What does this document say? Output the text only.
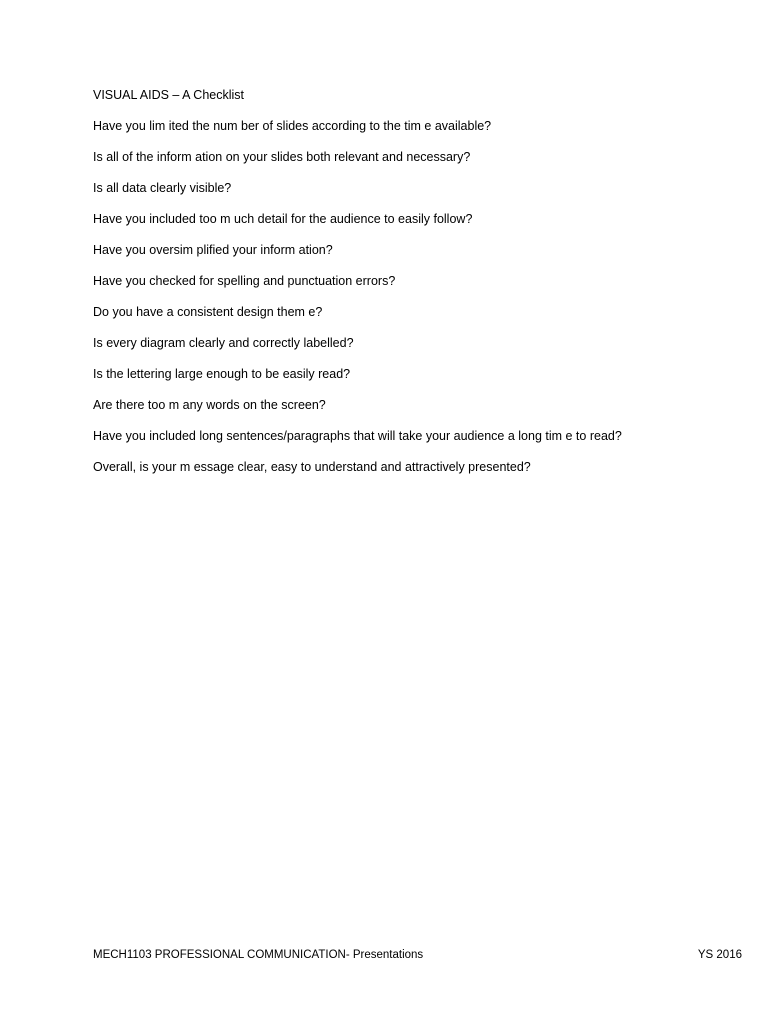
VISUAL AIDS – A Checklist
Have you lim ited the num ber of slides according to the tim e available?
Is all of the inform ation on your slides both relevant and necessary?
Is all data clearly visible?
Have you included too m uch detail for the audience to easily follow?
Have you oversim plified your inform ation?
Have you checked for spelling and punctuation errors?
Do you have a consistent design them e?
Is every diagram clearly and correctly labelled?
Is the lettering large enough to be easily read?
Are there too m any words on the screen?
Have you included long sentences/paragraphs that will take your audience a long tim e to read?
Overall, is your m essage clear, easy to understand and attractively presented?
MECH1103 PROFESSIONAL COMMUNICATION- Presentations	YS 2016
